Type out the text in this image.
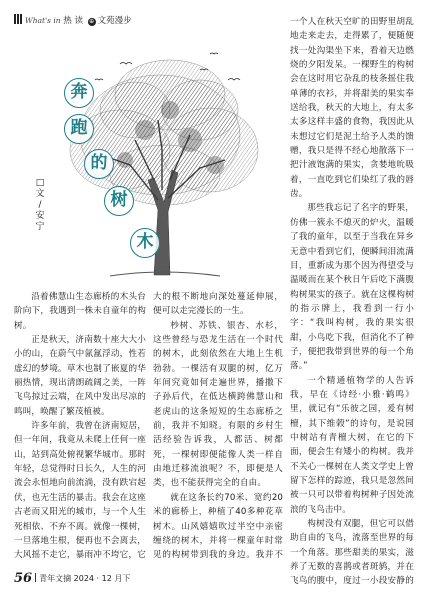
What's in 热 读 ⊕ 文苑漫步
奔
跑
的
树
木
□
文
/
安
宁

沿着佛慧山生态廊桥的木头台阶向下，我遇到一株未自童年的构树。

正是秋天，济南数十座大大小小的山，在蔚气中氤氲浮动，性若虚幻的梦境。草木也制了嵌夏的华丽热情，现出清朗疏阔之美，一阵飞鸟掠过云端，在风中发出尽凉的鸣叫，唤醒了繁茂植被。

许多年前，我曾在济南短居，但一年间，我竟从未爬上任何一座山，站到高处俯视繁华城市。那时年轻，总觉得时日长久，人生的河流会永恒地向前流淌，没有跌宕起伏，也无生活的暴击。我会在这座古老而又阳光的城市，与一个人生死相依、不弃不离。就像一棵树，一旦落地生根，便再也不会离去，大风摇不走它，暴雨冲不垮它，它

大的根不断地向深处蔓延伸展，便可以走完漫长的一生。

杪树、苏铁、银杏、水杉，这些曾经与恐龙生活在一个时代的树木，此刻依然在大地上生机勃勃。一棵活有双腿的树，亿万年间究竟如何走遍世界，播撒下子孙后代，在低达横跨佛慧山和老虎山的这条短短的生态廊桥之前，我并不知晓。有限的乡村生活经验告诉我，人都活、树都死，一棵树即便能像人类一样自由地迁移流浪呢？不，即便是人类，也不能获得完全的自由。

就在这条长约70米、宽约20米的廊桥上，种植了40多种花草树木。山风嬉嬉吹过半空中亲密缠绕的树木，并将一棵童年时常见的构树带到我的身边。我并不

一个人在秋天空旷的田野里胡乱地走来走去，走得累了，便随便找一处沟渠坐下来，看着天边燃烧的夕阳发呆。一棵野生的构树会在这时用它杂乱的枝条摇住我单薄的衣衫，并将甜美的果实奉送给我，秋天的大地上，有太多太多这样丰盛的食物，我因此从未想过它们是泥土给予人类的馈赠，我只是得不经心地散落下一把汁液饱满的果实，贪婪地吮吸着，一直吃到它们染红了我的唇齿。

那些我忘记了名字的野果，仿佛一簇永不熄灭的炉火，温暖了我的童年，以至于当我在异乡无意中看到它们，便瞬间泪流满目，重新成为那个因为得望受与温暖而在某个秋日午后吃下满腹构树果实的孩子。就在这棵构树的指示牌上，我看到一行小字：“我叫构树，我的果实很甜，小鸟吃下我，但消化不了种子，便把我带到世界的每一个角落。”

一个精通植物学的人告诉我，早在《诗经·小雅·鹤鸣》里，就记有“乐彼之园，爰有树檀，其下维榖”的诗句，是说园中树站有青檀大树，在它的下面，便会生有矮小的构树。我并不关心一棵树在人类文学史上曾留下怎样的踪迹，我只是忽然间被一只可以带着构树种子因处流浪的飞鸟击中。

构树没有双腿，但它可以借助自由的飞鸟，流落至世界的每一个角落。那些甜美的果实，滋养了无数的喜鹊或者斑鸫，并在飞鸟的腹中，度过一小段安静的

56 青年文摘 2024 · 12 月下
